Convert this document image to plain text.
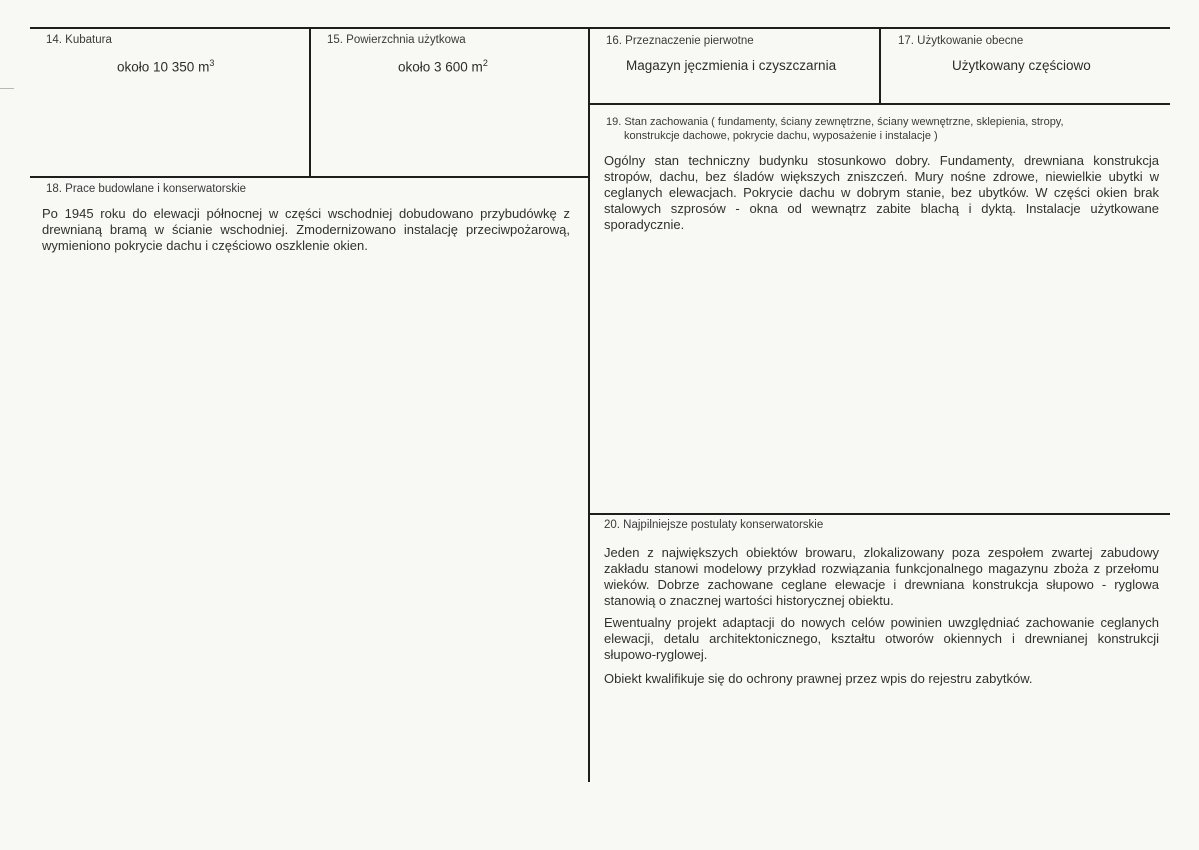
14. Kubatura
około 10 350 $m^3$
15. Powierzchnia użytkowa
około 3 600 $m^2$
16. Przeznaczenie pierwotne
Magazyn jęczmienia i czyszczarnia
17. Użytkowanie obecne
Użytkowany częściowo
18. Prace budowlane i konserwatorskie

Po 1945 roku do elewacji północnej w części wschodniej dobudowano przybudówkę z drewnianą bramą w ścianie wschodniej. Zmodernizowano instalację przeciwpożarową, wymieniono pokrycie dachu i częściowo oszklenie okien.

19. Stan zachowania ( fundamenty, ściany zewnętrzne, ściany wewnętrzne, sklepienia, stropy,
konstrukcje dachowe, pokrycie dachu, wyposażenie i instalacje )

Ogólny stan techniczny budynku stosunkowo dobry. Fundamenty, drewniana konstrukcja stropów, dachu, bez śladów większych zniszczeń. Mury nośne zdrowe, niewielkie ubytki w ceglanych elewacjach. Pokrycie dachu w dobrym stanie, bez ubytków. W części okien brak stalowych szprosów - okna od wewnątrz zabite blachą i dyktą. Instalacje użytkowane sporadycznie.

20. Najpilniejsze postulaty konserwatorskie

Jeden z największych obiektów browaru, zlokalizowany poza zespołem zwartej zabudowy zakładu stanowi modelowy przykład rozwiązania funkcjonalnego magazynu zboża z przełomu wieków. Dobrze zachowane ceglane elewacje i drewniana konstrukcja słupowo - ryglowa stanowią o znacznej wartości historycznej obiektu.

Ewentualny projekt adaptacji do nowych celów powinien uwzględniać zachowanie ceglanych elewacji, detalu architektonicznego, kształtu otworów okiennych i drewnianej konstrukcji słupowo-ryglowej.

Obiekt kwalifikuje się do ochrony prawnej przez wpis do rejestru zabytków.
